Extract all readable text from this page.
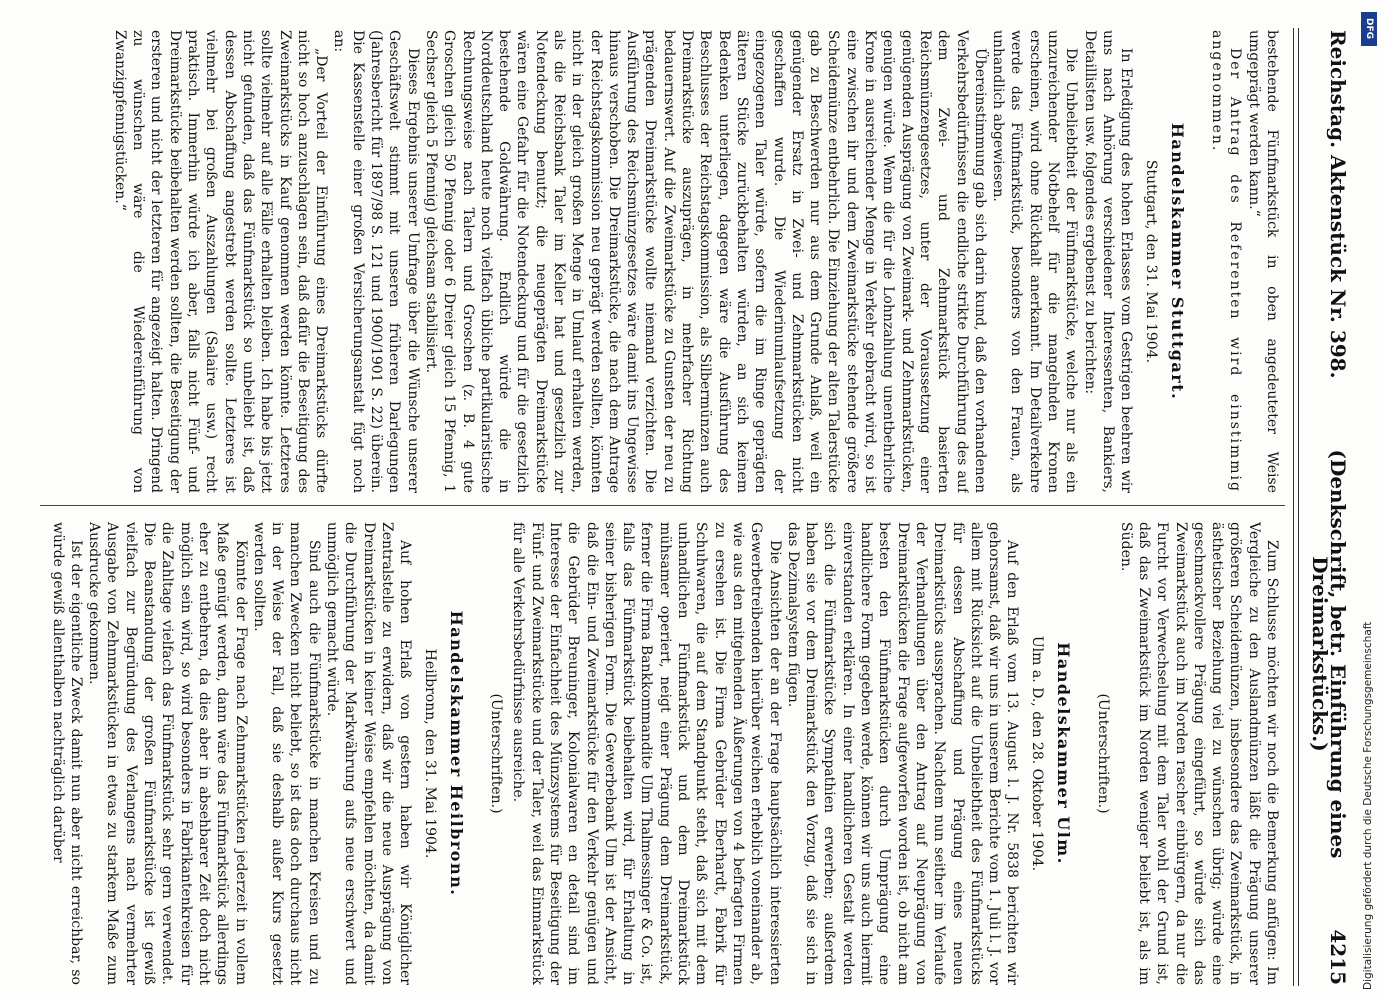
Reichstag. Aktenstück Nr. 398.
(Denkschrift, betr. Einführung eines Dreimarkstücks.)
4215

bestehende Fünfmarkstück in oben angedeuteter Weise umgeprägt werden kann.“

Der Antrag des Referenten wird einstimmig angenommen.

Handelskammer Stuttgart.

Stuttgart, den 31. Mai 1904.

In Erledigung des hohen Erlasses vom Gestrigen beehren wir uns nach Anhörung verschiedener Interessenten, Bankiers, Detaillisten usw. folgendes ergebenst zu berichten:

Die Unbeliebtheit der Fünfmarkstücke, welche nur als ein unzureichender Notbehelf für die mangelnden Kronen erscheinen, wird ohne Rückhalt anerkannt. Im Detailverkehre werde das Fünfmarkstück, besonders von den Frauen, als unhandlich abgewiesen.

Übereinstimmung gab sich darin kund, daß den vorhandenen Verkehrsbedürfnissen die endliche strikte Durchführung des auf dem Zwei- und Zehnmarkstück basierten Reichsmünzengesetzes, unter der Voraussetzung einer genügenden Ausprägung von Zweimark- und Zehnmarkstücken, genügen würde. Wenn die für die Lohnzahlung unentbehrliche Krone in ausreichender Menge in Verkehr gebracht wird, so ist eine zwischen ihr und dem Zweimarkstücke stehende größere Scheidemünze entbehrlich. Die Einziehung der alten Talerstücke gab zu Beschwerden nur aus dem Grunde Anlaß, weil ein genügender Ersatz in Zwei- und Zehnmarkstücken nicht geschaffen wurde. Die Wiederinumlaufsetzung der eingezogenen Taler würde, sofern die im Ringe geprägten älteren Stücke zurückbehalten würden, an sich keinem Bedenken unterliegen, dagegen wäre die Ausführung des Beschlusses der Reichstagskommission, als Silbermünzen auch Dreimarkstücke auszuprägen, in mehrfacher Richtung bedauernswert. Auf die Zweimarkstücke zu Gunsten der neu zu prägenden Dreimarkstücke wollte niemand verzichten. Die Ausführung des Reichsmünzgesetzes wäre damit ins Ungewisse hinaus verschoben. Die Dreimarkstücke, die nach dem Antrage der Reichstagskommission neu geprägt werden sollten, könnten nicht in der gleich großen Menge in Umlauf erhalten werden, als die Reichsbank Taler im Keller hat und gesetzlich zur Notendeckung benutzt; die neugeprägten Dreimarkstücke wären eine Gefahr für die Notendeckung und für die gesetzlich bestehende Goldwährung. Endlich würde die in Norddeutschland heute noch vielfach übliche partikularistische Rechnungsweise nach Talern und Groschen (z. B. 4 gute Groschen gleich 50 Pfennig oder 6 Dreier gleich 15 Pfennig, 1 Sechser gleich 5 Pfennig) gleichsam stabilisiert.

Dieses Ergebnis unserer Umfrage über die Wünsche unserer Geschäftswelt stimmt mit unseren früheren Darlegungen (Jahresbericht für 1897/98 S. 121 und 1900/1901 S. 22) überein. Die Kassenstelle einer großen Versicherungsanstalt fügt noch an:

„Der Vorteil der Einführung eines Dreimarkstücks dürfte nicht so hoch anzuschlagen sein, daß dafür die Beseitigung des Zweimarkstücks in Kauf genommen werden könnte. Letzteres sollte vielmehr auf alle Fälle erhalten bleiben. Ich habe bis jetzt nicht gefunden, daß das Fünfmarkstück so unbeliebt ist, daß dessen Abschaffung angestrebt werden sollte. Letzteres ist vielmehr bei großen Auszahlungen (Salaire usw.) recht praktisch. Immerhin würde ich aber, falls nicht Fünf- und Dreimarkstücke beibehalten werden sollten, die Beseitigung der ersteren und nicht der letzteren für angezeigt halten. Dringend zu wünschen wäre die Wiedereinführung von Zwanzigpfennigstücken.“

Zum Schlusse möchten wir noch die Bemerkung anfügen: Im Vergleiche zu den Auslandmünzen läßt die Prägung unserer größeren Scheidemünzen, insbesondere das Zweimarkstück, in ästhetischer Beziehung viel zu wünschen übrig; würde eine geschmackvollere Prägung eingeführt, so würde sich das Zweimarkstück auch im Norden rascher einbürgern, da nur die Furcht vor Verwechselung mit dem Taler wohl der Grund ist, daß das Zweimarkstück im Norden weniger beliebt ist, als im Süden.

(Unterschriften.)

Handelskammer Ulm.

Ulm a. D., den 28. Oktober 1904.

Auf den Erlaß vom 13. August l. J. Nr. 5838 berichten wir gehorsamst, daß wir uns in unserem Berichte vom 1. Juli l. J. vor allem mit Rücksicht auf die Unbeliebtheit des Fünfmarkstücks für dessen Abschaffung und Prägung eines neuen Dreimarkstücks aussprachen. Nachdem nun seither im Verlaufe der Verhandlungen über den Antrag auf Neuprägung von Dreimarkstücken die Frage aufgeworfen worden ist, ob nicht am besten den Fünfmarkstücken durch Umprägung eine handlichere Form gegeben werde, können wir uns auch hiermit einverstanden erklären. In einer handlicheren Gestalt werden sich die Fünfmarkstücke Sympathien erwerben; außerdem haben sie vor dem Dreimarkstück den Vorzug, daß sie sich in das Dezimalsystem fügen.

Die Ansichten der an der Frage hauptsächlich interessierten Gewerbetreibenden hierüber weichen erheblich voneinander ab, wie aus den mitgehenden Äußerungen von 4 befragten Firmen zu ersehen ist. Die Firma Gebrüder Eberhardt, Fabrik für Schuhwaren, die auf dem Standpunkt steht, daß sich mit dem unhandlichen Fünfmarkstück und dem Dreimarkstück mühsamer operiert, neigt einer Prägung dem Dreimarkstück, ferner die Firma Bankkommandite Ulm Thalmessinger & Co. ist, falls das Fünfmarkstück beibehalten wird, für Erhaltung in seiner bisherigen Form. Die Gewerbebank Ulm ist der Ansicht, daß die Ein- und Zweimarkstücke für den Verkehr genügen und die Gebrüder Breuninger, Kolonialwaren en detail sind im Interesse der Einfachheit des Münzsystems für Beseitigung der Fünf- und Zweimarkstücke und der Taler, weil das Einmarkstück für alle Verkehrsbedürfnisse ausreiche.

(Unterschriften.)

Handelskammer Heilbronn.

Heilbronn, den 31. Mai 1904.

Auf hohen Erlaß von gestern haben wir Königlicher Zentralstelle zu erwidern, daß wir die neue Ausprägung von Dreimarkstücken in keiner Weise empfehlen möchten, da damit die Durchführung der Markwährung aufs neue erschwert und unmöglich gemacht würde.

Sind auch die Fünfmarkstücke in manchen Kreisen und zu manchen Zwecken nicht beliebt, so ist das doch durchaus nicht in der Weise der Fall, daß sie deshalb außer Kurs gesetzt werden sollten.

Könnte der Frage nach Zehnmarkstücken jederzeit in vollem Maße genügt werden, dann wäre das Fünfmarkstück allerdings eher zu entbehren, da dies aber in absehbarer Zeit doch nicht möglich sein wird, so wird besonders in Fabrikantenkreisen für die Zahltage vielfach das Fünfmarkstück sehr gern verwendet. Die Beanstandung der großen Fünfmarkstücke ist gewiß vielfach zur Begründung des Verlangens nach vermehrter Ausgabe von Zehnmarkstücken in etwas zu starkem Maße zum Ausdrucke gekommen.

Ist der eigentliche Zweck damit nun aber nicht erreichbar, so würde gewiß allenthalben nachträglich darüber

DFG
Digitalisierung gefördert durch die Deutsche Forschungsgemeinschaft
